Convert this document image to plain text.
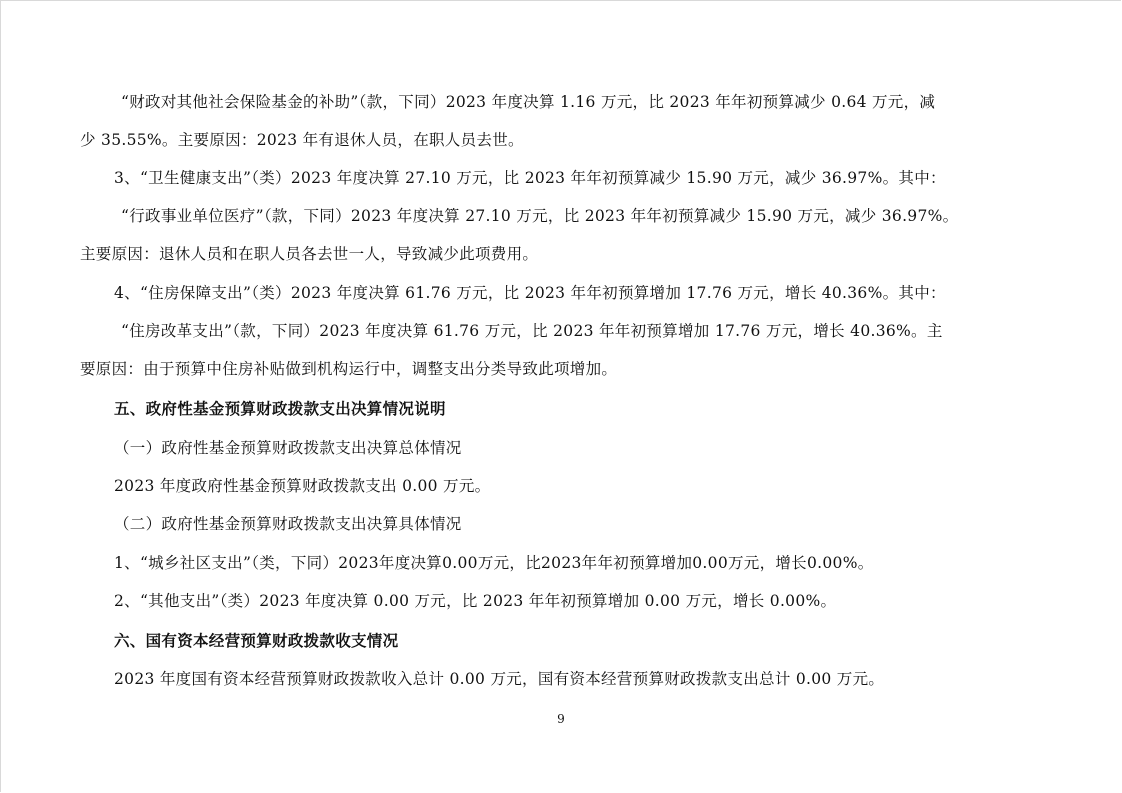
“财政对其他社会保险基金的补助”（款，下同）2023 年度决算 1.16 万元，比 2023 年年初预算减少 0.64 万元，减
少 35.55%。主要原因：2023 年有退休人员，在职人员去世。
3、“卫生健康支出”（类）2023 年度决算 27.10 万元，比 2023 年年初预算减少 15.90 万元，减少 36.97%。其中：
“行政事业单位医疗”（款，下同）2023 年度决算 27.10 万元，比 2023 年年初预算减少 15.90 万元，减少 36.97%。
主要原因：退休人员和在职人员各去世一人，导致减少此项费用。
4、“住房保障支出”（类）2023 年度决算 61.76 万元，比 2023 年年初预算增加 17.76 万元，增长 40.36%。其中：
“住房改革支出”（款，下同）2023 年度决算 61.76 万元，比 2023 年年初预算增加 17.76 万元，增长 40.36%。主
要原因：由于预算中住房补贴做到机构运行中，调整支出分类导致此项增加。
五、政府性基金预算财政拨款支出决算情况说明
（一）政府性基金预算财政拨款支出决算总体情况
2023 年度政府性基金预算财政拨款支出 0.00 万元。
（二）政府性基金预算财政拨款支出决算具体情况
1、“城乡社区支出”（类，下同）2023年度决算0.00万元，比2023年年初预算增加0.00万元，增长0.00%。
2、“其他支出”（类）2023 年度决算 0.00 万元，比 2023 年年初预算增加 0.00 万元，增长 0.00%。
六、国有资本经营预算财政拨款收支情况
2023 年度国有资本经营预算财政拨款收入总计 0.00 万元，国有资本经营预算财政拨款支出总计 0.00 万元。
9
